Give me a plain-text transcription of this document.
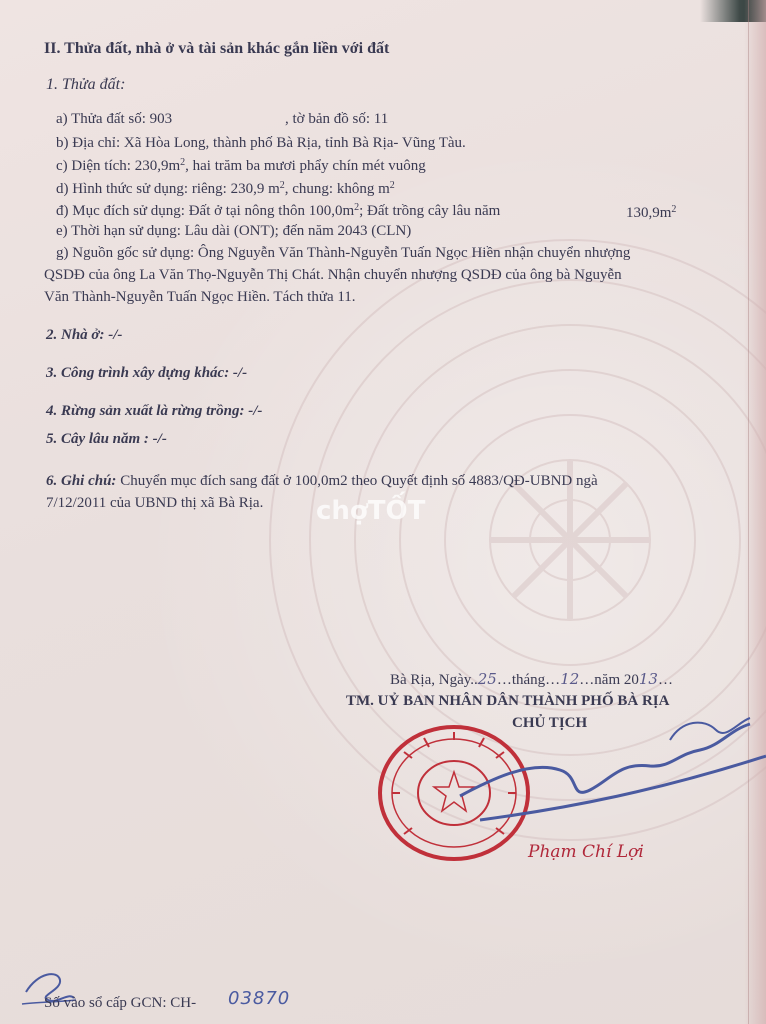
II. Thửa đất, nhà ở và tài sản khác gắn liền với đất
1. Thửa đất:
a) Thửa đất số: 903	, tờ bản đồ số: 11
b) Địa chỉ: Xã Hòa Long, thành phố Bà Rịa, tỉnh Bà Rịa- Vũng Tàu.
c) Diện tích: $230,9m^2$, hai trăm ba mươi phẩy chín mét vuông
d) Hình thức sử dụng: riêng: 230,9 $m^2$, chung: không $m^2$
đ) Mục đích sử dụng: Đất ở tại nông thôn $100,0m^2$; Đất trồng cây lâu năm	$130,9m^2$
e) Thời hạn sử dụng: Lâu dài (ONT); đến năm 2043 (CLN)
g) Nguồn gốc sử dụng: Ông Nguyễn Văn Thành-Nguyễn Tuấn Ngọc Hiền nhận chuyển nhượng
QSDĐ của ông La Văn Thọ-Nguyễn Thị Chát. Nhận chuyển nhượng QSDĐ của ông bà Nguyễn
Văn Thành-Nguyễn Tuấn Ngọc Hiền. Tách thửa 11.
2. Nhà ở: -/-
3. Công trình xây dựng khác: -/-
4. Rừng sản xuất là rừng trồng: -/-
5. Cây lâu năm : -/-
6. Ghi chú: Chuyển mục đích sang đất ở 100,0m2 theo Quyết định số 4883/QĐ-UBND ngà
7/12/2011 của UBND thị xã Bà Rịa. chợTỐT
Bà Rịa, Ngày..25…tháng…12…năm 2013…
TM. UỶ BAN NHÂN DÂN THÀNH PHỐ BÀ RỊA
CHỦ TỊCH
Phạm Chí Lợi
Số vào sổ cấp GCN: CH- 03870
